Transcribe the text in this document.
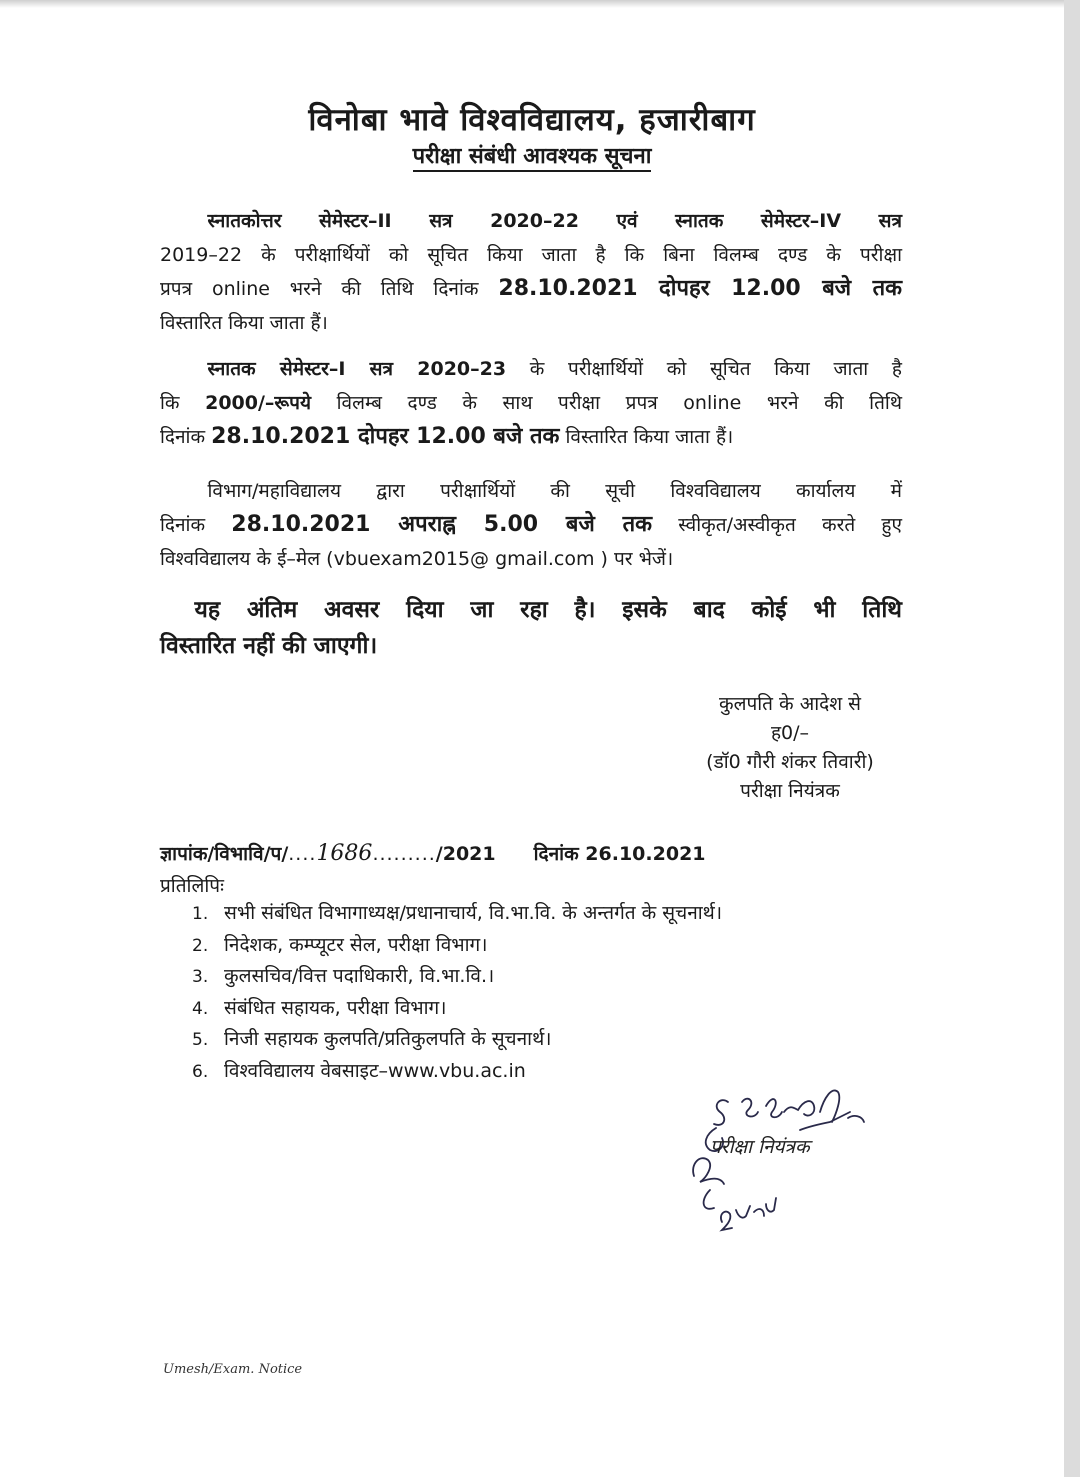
विनोबा भावे विश्वविद्यालय, हजारीबाग
परीक्षा संबंधी आवश्यक सूचना
   स्नातकोत्तर सेमेस्टर–II सत्र 2020–22 एवं स्नातक सेमेस्टर–IV सत्र
2019–22 के परीक्षार्थियों को सूचित किया जाता है कि बिना विलम्ब दण्ड के परीक्षा
प्रपत्र online भरने की तिथि दिनांक 28.10.2021 दोपहर 12.00 बजे तक
विस्तारित किया जाता हैं।
   स्नातक सेमेस्टर–I सत्र 2020–23 के परीक्षार्थियों को सूचित किया जाता है
कि 2000/–रूपये विलम्ब दण्ड के साथ परीक्षा प्रपत्र online भरने की तिथि
दिनांक 28.10.2021 दोपहर 12.00 बजे तक विस्तारित किया जाता हैं।
   विभाग/महाविद्यालय द्वारा परीक्षार्थियों की सूची विश्वविद्यालय कार्यालय में
दिनांक 28.10.2021 अपराह्न 5.00 बजे तक स्वीकृत/अस्वीकृत करते हुए
विश्वविद्यालय के ई–मेल (vbuexam2015@ gmail.com ) पर भेजें।
  यह अंतिम अवसर दिया जा रहा है। इसके बाद कोई भी तिथि
विस्तारित नहीं की जाएगी।
कुलपति के आदेश से
ह0/–
(डॉ0 गौरी शंकर तिवारी)
परीक्षा नियंत्रक
ज्ञापांक/विभावि/प/....1686........./2021 दिनांक 26.10.2021
प्रतिलिपिः
1. सभी संबंधित विभागाध्यक्ष/प्रधानाचार्य, वि.भा.वि. के अन्तर्गत के सूचनार्थ।
2. निदेशक, कम्प्यूटर सेल, परीक्षा विभाग।
3. कुलसचिव/वित्त पदाधिकारी, वि.भा.वि.।
4. संबंधित सहायक, परीक्षा विभाग।
5. निजी सहायक कुलपति/प्रतिकुलपति के सूचनार्थ।
6. विश्वविद्यालय वेबसाइट–www.vbu.ac.in
परीक्षा नियंत्रक
Umesh/Exam. Notice
